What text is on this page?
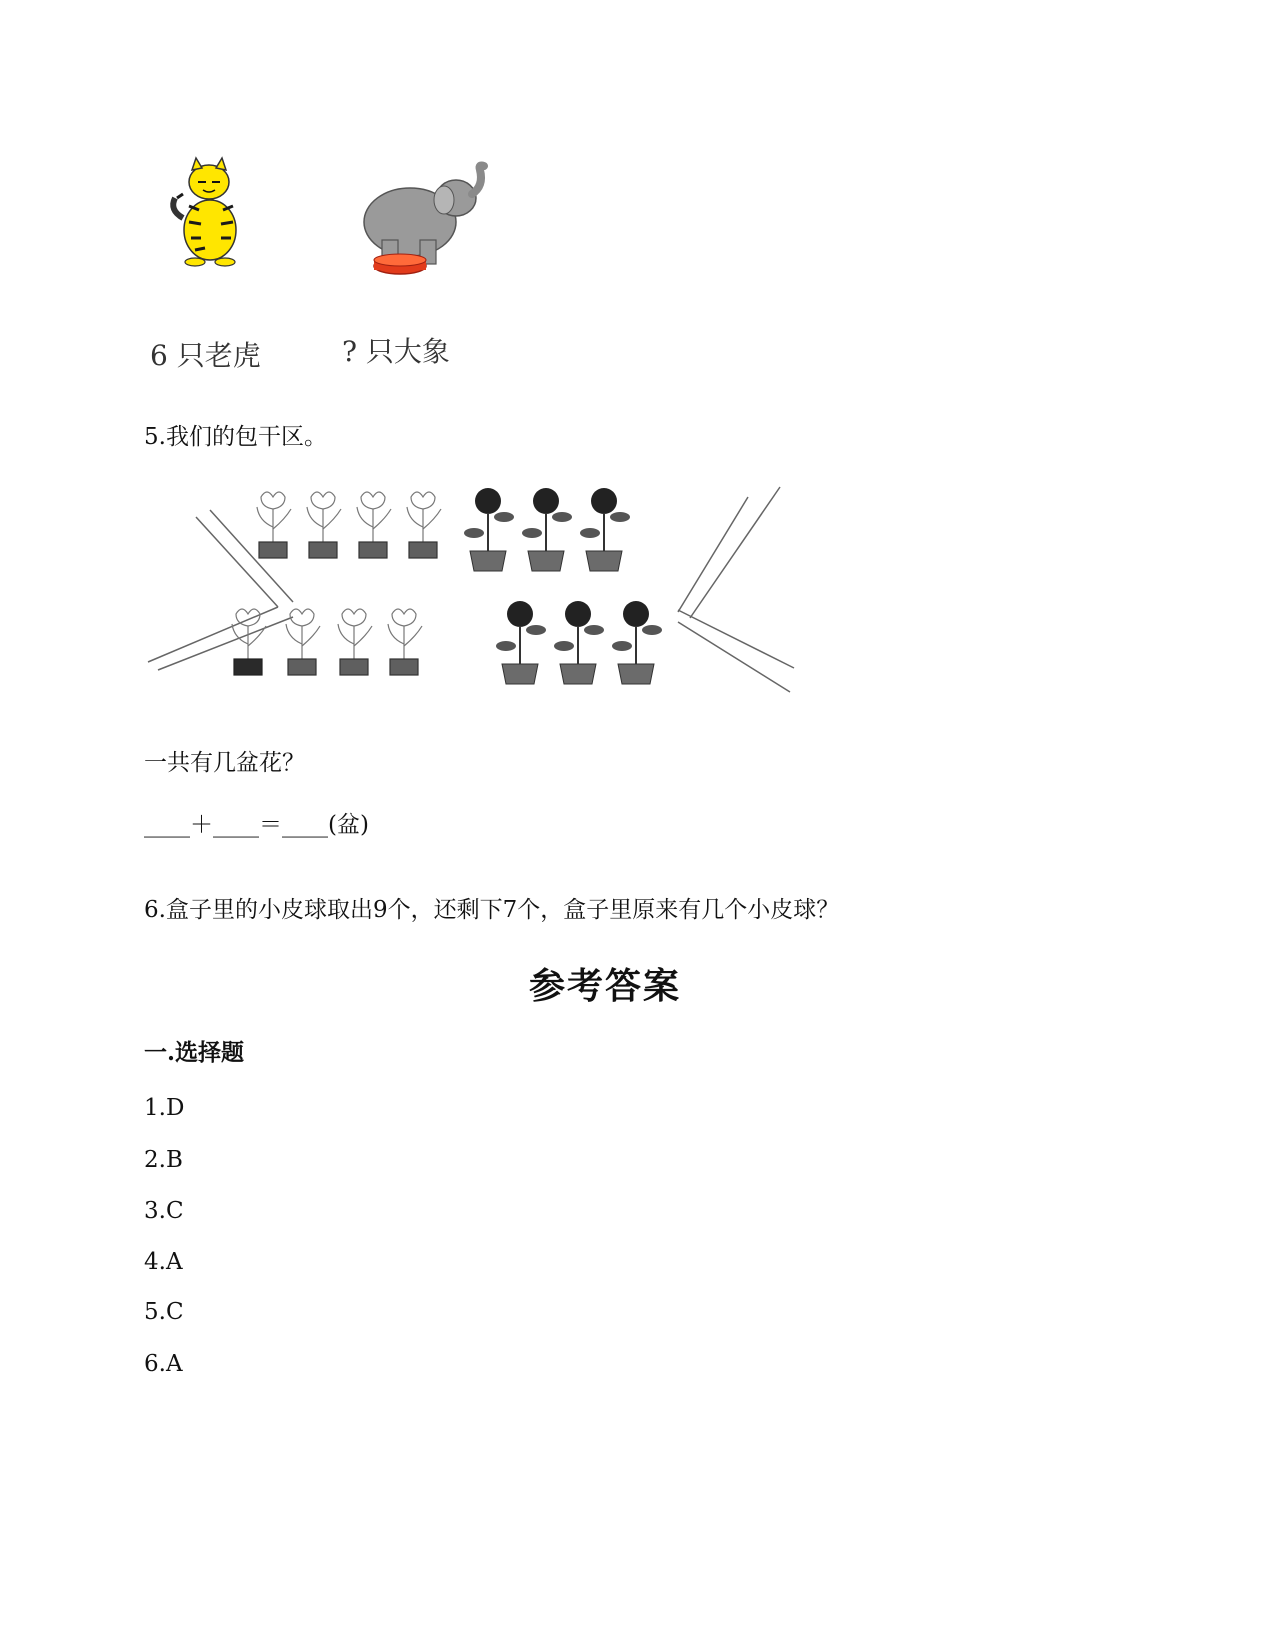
6 只老虎	? 只大象
5.我们的包干区。
一共有几盆花？
____＋____＝____(盆)
6.盒子里的小皮球取出9个，还剩下7个，盒子里原来有几个小皮球？
参考答案
一.选择题
1.D
2.B
3.C
4.A
5.C
6.A
